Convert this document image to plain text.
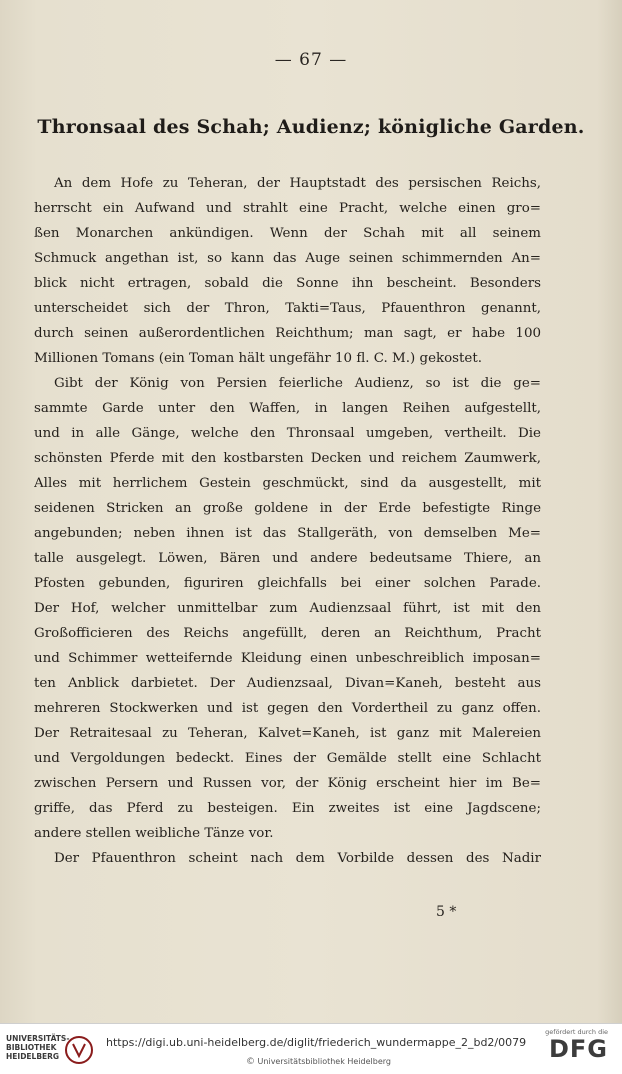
— 67 —
Thronsaal des Schah; Audienz; königliche Garden.
An dem Hofe zu Teheran, der Hauptstadt des persischen Reichs,
herrscht ein Aufwand und strahlt eine Pracht, welche einen gro=
ßen Monarchen ankündigen. Wenn der Schah mit all seinem
Schmuck angethan ist, so kann das Auge seinen schimmernden An=
blick nicht ertragen, sobald die Sonne ihn bescheint. Besonders
unterscheidet sich der Thron, Takti=Taus, Pfauenthron genannt,
durch seinen außerordentlichen Reichthum; man sagt, er habe 100
Millionen Tomans (ein Toman hält ungefähr 10 fl. C. M.) gekostet.
Gibt der König von Persien feierliche Audienz, so ist die ge=
sammte Garde unter den Waffen, in langen Reihen aufgestellt,
und in alle Gänge, welche den Thronsaal umgeben, vertheilt. Die
schönsten Pferde mit den kostbarsten Decken und reichem Zaumwerk,
Alles mit herrlichem Gestein geschmückt, sind da ausgestellt, mit
seidenen Stricken an große goldene in der Erde befestigte Ringe
angebunden; neben ihnen ist das Stallgeräth, von demselben Me=
talle ausgelegt. Löwen, Bären und andere bedeutsame Thiere, an
Pfosten gebunden, figuriren gleichfalls bei einer solchen Parade.
Der Hof, welcher unmittelbar zum Audienzsaal führt, ist mit den
Großofficieren des Reichs angefüllt, deren an Reichthum, Pracht
und Schimmer wetteifernde Kleidung einen unbeschreiblich imposan=
ten Anblick darbietet. Der Audienzsaal, Divan=Kaneh, besteht aus
mehreren Stockwerken und ist gegen den Vordertheil zu ganz offen.
Der Retraitesaal zu Teheran, Kalvet=Kaneh, ist ganz mit Malereien
und Vergoldungen bedeckt. Eines der Gemälde stellt eine Schlacht
zwischen Persern und Russen vor, der König erscheint hier im Be=
griffe, das Pferd zu besteigen. Ein zweites ist eine Jagdscene;
andere stellen weibliche Tänze vor.
Der Pfauenthron scheint nach dem Vorbilde dessen des Nadir
5 *
UNIVERSITÄTS-
BIBLIOTHEK
HEIDELBERG
https://digi.ub.uni-heidelberg.de/diglit/friederich_wundermappe_2_bd2/0079
© Universitätsbibliothek Heidelberg
gefördert durch die
DFG
